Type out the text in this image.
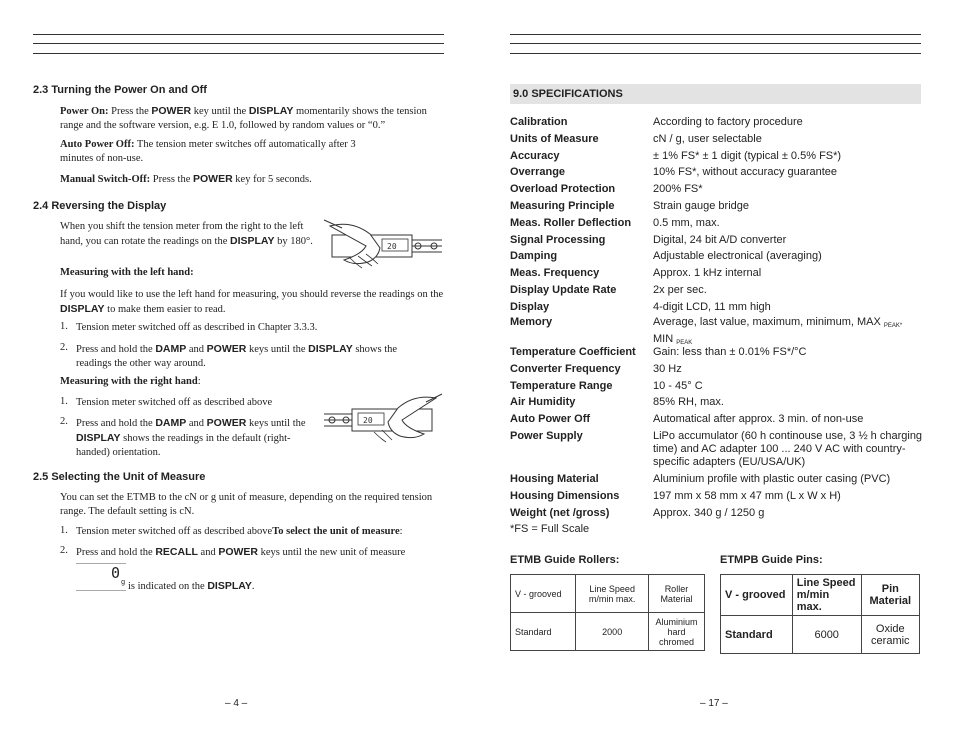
2.3 Turning the Power On and Off

Power On: Press the POWER key until the DISPLAY momentarily shows the tension range and the software version, e.g. E 1.0, followed by random values or “0.”

Auto Power Off: The tension meter switches off automatically after 3 minutes of non-use.

Manual Switch-Off: Press the POWER key for 5 seconds.

2.4 Reversing the Display

When you shift the tension meter from the right to the left hand, you can rotate the readings on the DISPLAY by 180°.	20

Measuring with the left hand:

If you would like to use the left hand for measuring, you should reverse the readings on the DISPLAY to make them easier to read.

1. Tension meter switched off as described in Chapter 3.3.3.

2. Press and hold the DAMP and POWER keys until the DISPLAY shows the readings the other way around.

Measuring with the right hand:

1. Tension meter switched off as described above

2. Press and hold the DAMP and POWER keys until the DISPLAY shows the readings in the default (right-handed) orientation.

20
2.5 Selecting the Unit of Measure

You can set the ETMB to the cN or g unit of measure, depending on the required tension range. The default setting is cN.

1. Tension meter switched off as described aboveTo select the unit of measure:

2. Press and hold the RECALL and POWER keys until the new unit of measure

0
g is indicated on the DISPLAY.

– 4 –
9.0 SPECIFICATIONS
Calibration	According to factory procedure
Units of Measure	cN / g, user selectable
Accuracy	± 1% FS* ± 1 digit (typical ± 0.5% FS*)
Overrange	10% FS*, without accuracy guarantee
Overload Protection	200% FS*
Measuring Principle	Strain gauge bridge
Meas. Roller Deflection	0.5 mm, max.
Signal Processing	Digital, 24 bit A/D converter
Damping	Adjustable electronical (averaging)
Meas. Frequency	Approx. 1 kHz internal
Display Update Rate	2x per sec.
Display	4-digit LCD, 11 mm high
Memory	Average, last value, maximum, minimum, MAX $_{PEAK*}$
MIN $_{PEAK}$
Temperature Coefficient	Gain: less than ± 0.01% FS*/°C
Converter Frequency	30 Hz
Temperature Range	10 - 45° C
Air Humidity	85% RH, max.
Auto Power Off	Automatical after approx. 3 min. of non-use
Power Supply	LiPo accumulator (60 h continouse use, 3 ½ h charging time) and AC adapter 100 ... 240 V AC with country-specific adapters (EU/USA/UK)
Housing Material	Aluminium profile with plastic outer casing (PVC)
Housing Dimensions	197 mm x 58 mm x 47 mm (L x W x H)
Weight (net /gross)	Approx. 340 g / 1250 g
*FS = Full Scale
ETMB Guide Rollers:
V - grooved	Line Speed m/min max.	Roller Material
Standard	2000	Aluminium hard chromed
ETMPB Guide Pins:
V - grooved	Line Speed m/min max.	Pin Material
Standard	6000	Oxide ceramic
– 17 –
